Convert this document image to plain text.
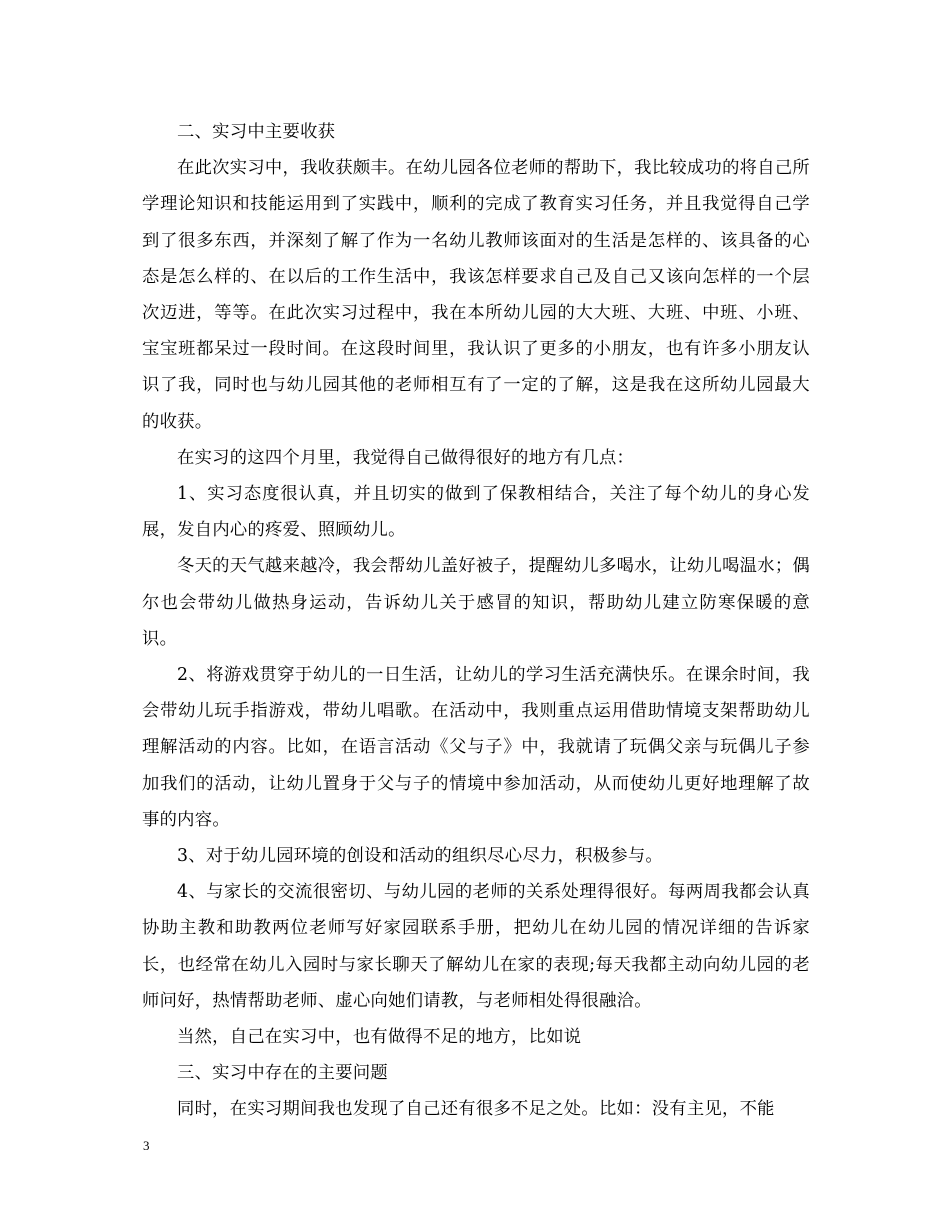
二、实习中主要收获

在此次实习中，我收获颇丰。在幼儿园各位老师的帮助下，我比较成功的将自己所学理论知识和技能运用到了实践中，顺利的完成了教育实习任务，并且我觉得自己学到了很多东西，并深刻了解了作为一名幼儿教师该面对的生活是怎样的、该具备的心态是怎么样的、在以后的工作生活中，我该怎样要求自己及自己又该向怎样的一个层次迈进，等等。在此次实习过程中，我在本所幼儿园的大大班、大班、中班、小班、宝宝班都呆过一段时间。在这段时间里，我认识了更多的小朋友，也有许多小朋友认识了我，同时也与幼儿园其他的老师相互有了一定的了解，这是我在这所幼儿园最大的收获。

在实习的这四个月里，我觉得自己做得很好的地方有几点：

1、实习态度很认真，并且切实的做到了保教相结合，关注了每个幼儿的身心发展，发自内心的疼爱、照顾幼儿。

冬天的天气越来越冷，我会帮幼儿盖好被子，提醒幼儿多喝水，让幼儿喝温水；偶尔也会带幼儿做热身运动，告诉幼儿关于感冒的知识，帮助幼儿建立防寒保暖的意识。

2、将游戏贯穿于幼儿的一日生活，让幼儿的学习生活充满快乐。在课余时间，我会带幼儿玩手指游戏，带幼儿唱歌。在活动中，我则重点运用借助情境支架帮助幼儿理解活动的内容。比如，在语言活动《父与子》中，我就请了玩偶父亲与玩偶儿子参加我们的活动，让幼儿置身于父与子的情境中参加活动，从而使幼儿更好地理解了故事的内容。

3、对于幼儿园环境的创设和活动的组织尽心尽力，积极参与。

4、与家长的交流很密切、与幼儿园的老师的关系处理得很好。每两周我都会认真协助主教和助教两位老师写好家园联系手册，把幼儿在幼儿园的情况详细的告诉家长，也经常在幼儿入园时与家长聊天了解幼儿在家的表现;每天我都主动向幼儿园的老师问好，热情帮助老师、虚心向她们请教，与老师相处得很融洽。

当然，自己在实习中，也有做得不足的地方，比如说

三、实习中存在的主要问题

同时，在实习期间我也发现了自己还有很多不足之处。比如：没有主见，不能

3
